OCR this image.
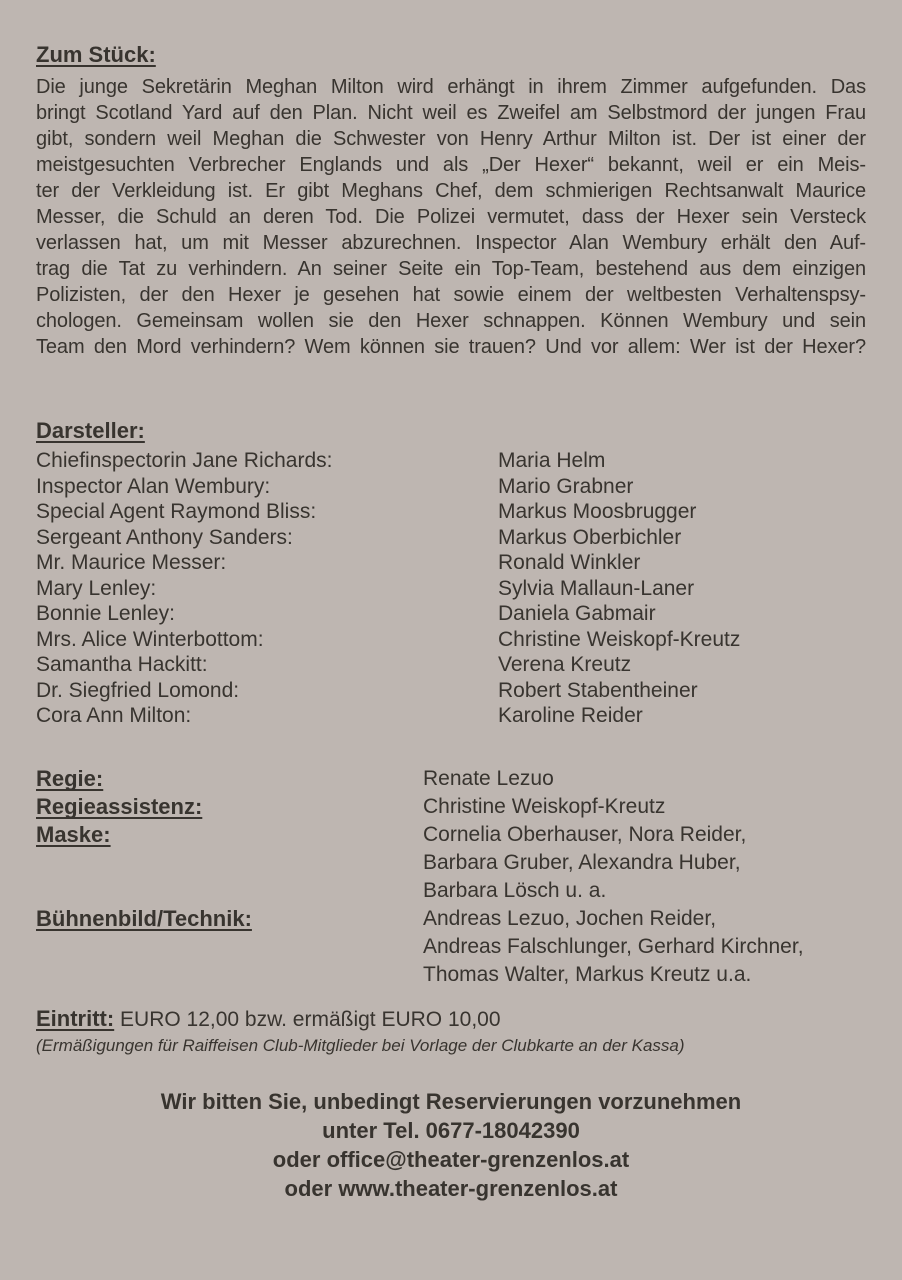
Zum Stück:
Die junge Sekretärin Meghan Milton wird erhängt in ihrem Zimmer aufgefunden. Das
bringt Scotland Yard auf den Plan. Nicht weil es Zweifel am Selbstmord der jungen Frau
gibt, sondern weil Meghan die Schwester von Henry Arthur Milton ist. Der ist einer der
meistgesuchten Verbrecher Englands und als „Der Hexer“ bekannt, weil er ein Meis-
ter der Verkleidung ist. Er gibt Meghans Chef, dem schmierigen Rechtsanwalt Maurice
Messer, die Schuld an deren Tod. Die Polizei vermutet, dass der Hexer sein Versteck
verlassen hat, um mit Messer abzurechnen. Inspector Alan Wembury erhält den Auf-
trag die Tat zu verhindern. An seiner Seite ein Top-Team, bestehend aus dem einzigen
Polizisten, der den Hexer je gesehen hat sowie einem der weltbesten Verhaltenspsy-
chologen. Gemeinsam wollen sie den Hexer schnappen. Können Wembury und sein
Team den Mord verhindern? Wem können sie trauen? Und vor allem: Wer ist der Hexer?
Darsteller:
Chiefinspectorin Jane Richards:	Maria Helm
Inspector Alan Wembury:	Mario Grabner
Special Agent Raymond Bliss:	Markus Moosbrugger
Sergeant Anthony Sanders:	Markus Oberbichler
Mr. Maurice Messer:	Ronald Winkler
Mary Lenley:	Sylvia Mallaun-Laner
Bonnie Lenley:	Daniela Gabmair
Mrs. Alice Winterbottom:	Christine Weiskopf-Kreutz
Samantha Hackitt:	Verena Kreutz
Dr. Siegfried Lomond:	Robert Stabentheiner
Cora Ann Milton:	Karoline Reider
Regie:	Renate Lezuo
Regieassistenz:	Christine Weiskopf-Kreutz
Maske:	Cornelia Oberhauser, Nora Reider,
Barbara Gruber, Alexandra Huber,
Barbara Lösch u. a.
Bühnenbild/Technik:	Andreas Lezuo, Jochen Reider,
Andreas Falschlunger, Gerhard Kirchner,
Thomas Walter, Markus Kreutz u.a.
Eintritt: EURO 12,00 bzw. ermäßigt EURO 10,00
(Ermäßigungen für Raiffeisen Club-Mitglieder bei Vorlage der Clubkarte an der Kassa)
Wir bitten Sie, unbedingt Reservierungen vorzunehmen
unter Tel. 0677-18042390
oder office@theater-grenzenlos.at
oder www.theater-grenzenlos.at
